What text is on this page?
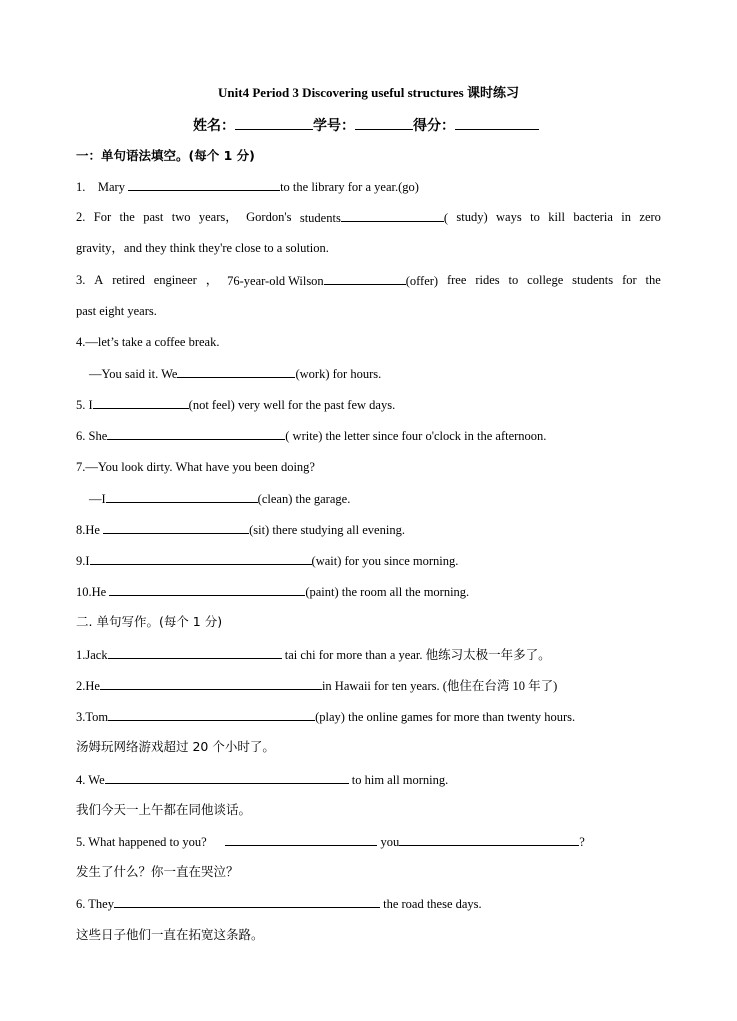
Unit4 Period 3 Discovering useful structures 课时练习
姓名：	学号：	得分：
一：单句语法填空。(每个 1 分)
1. Mary	to the library for a year.(go)
2. For the past two years， Gordon's students	( study) ways to kill bacteria in zero
gravity，and they think they're close to a solution.
3. A retired engineer ， 76-year-old Wilson	(offer) free rides to college students for the
past eight years.
4.—let’s take a coffee break.
—You said it. We	(work) for hours.
5. I	(not feel) very well for the past few days.
6. She	( write) the letter since four o'clock in the afternoon.
7.—You look dirty. What have you been doing?
—I	(clean) the garage.
8.He	(sit) there studying all evening.
9.I	(wait) for you since morning.
10.He	(paint) the room all the morning.
二. 单句写作。(每个 1 分)
1.Jack	tai chi for more than a year. 他练习太极一年多了。
2.He	in Hawaii for ten years. (他住在台湾 10 年了)
3.Tom	(play) the online games for more than twenty hours.
汤姆玩网络游戏超过 20 个小时了。
4. We	to him all morning.
我们今天一上午都在同他谈话。
5. What happened to you?	you	?
发生了什么？你一直在哭泣？
6. They	the road these days.
这些日子他们一直在拓宽这条路。
